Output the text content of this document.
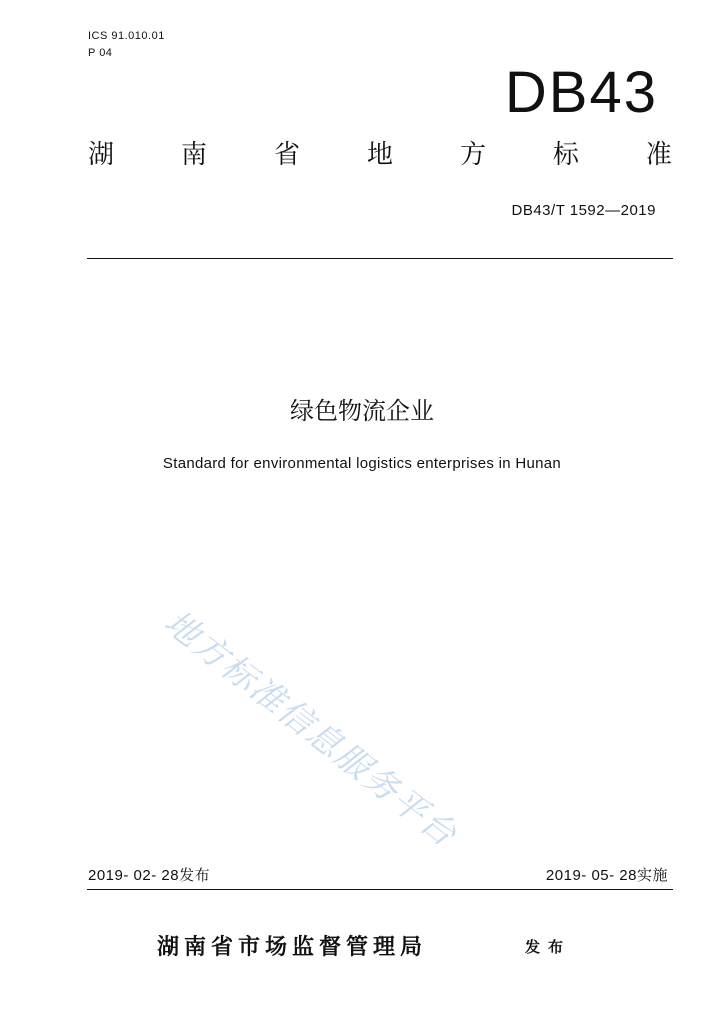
ICS 91.010.01
P 04
DB43
湖	南	省	地	方	标	准
DB43/T 1592—2019
绿色物流企业
Standard for environmental logistics enterprises in Hunan
地方标准信息服务平台
2019- 02- 28发布	2019- 05- 28实施
湖南省市场监督管理局	发布
